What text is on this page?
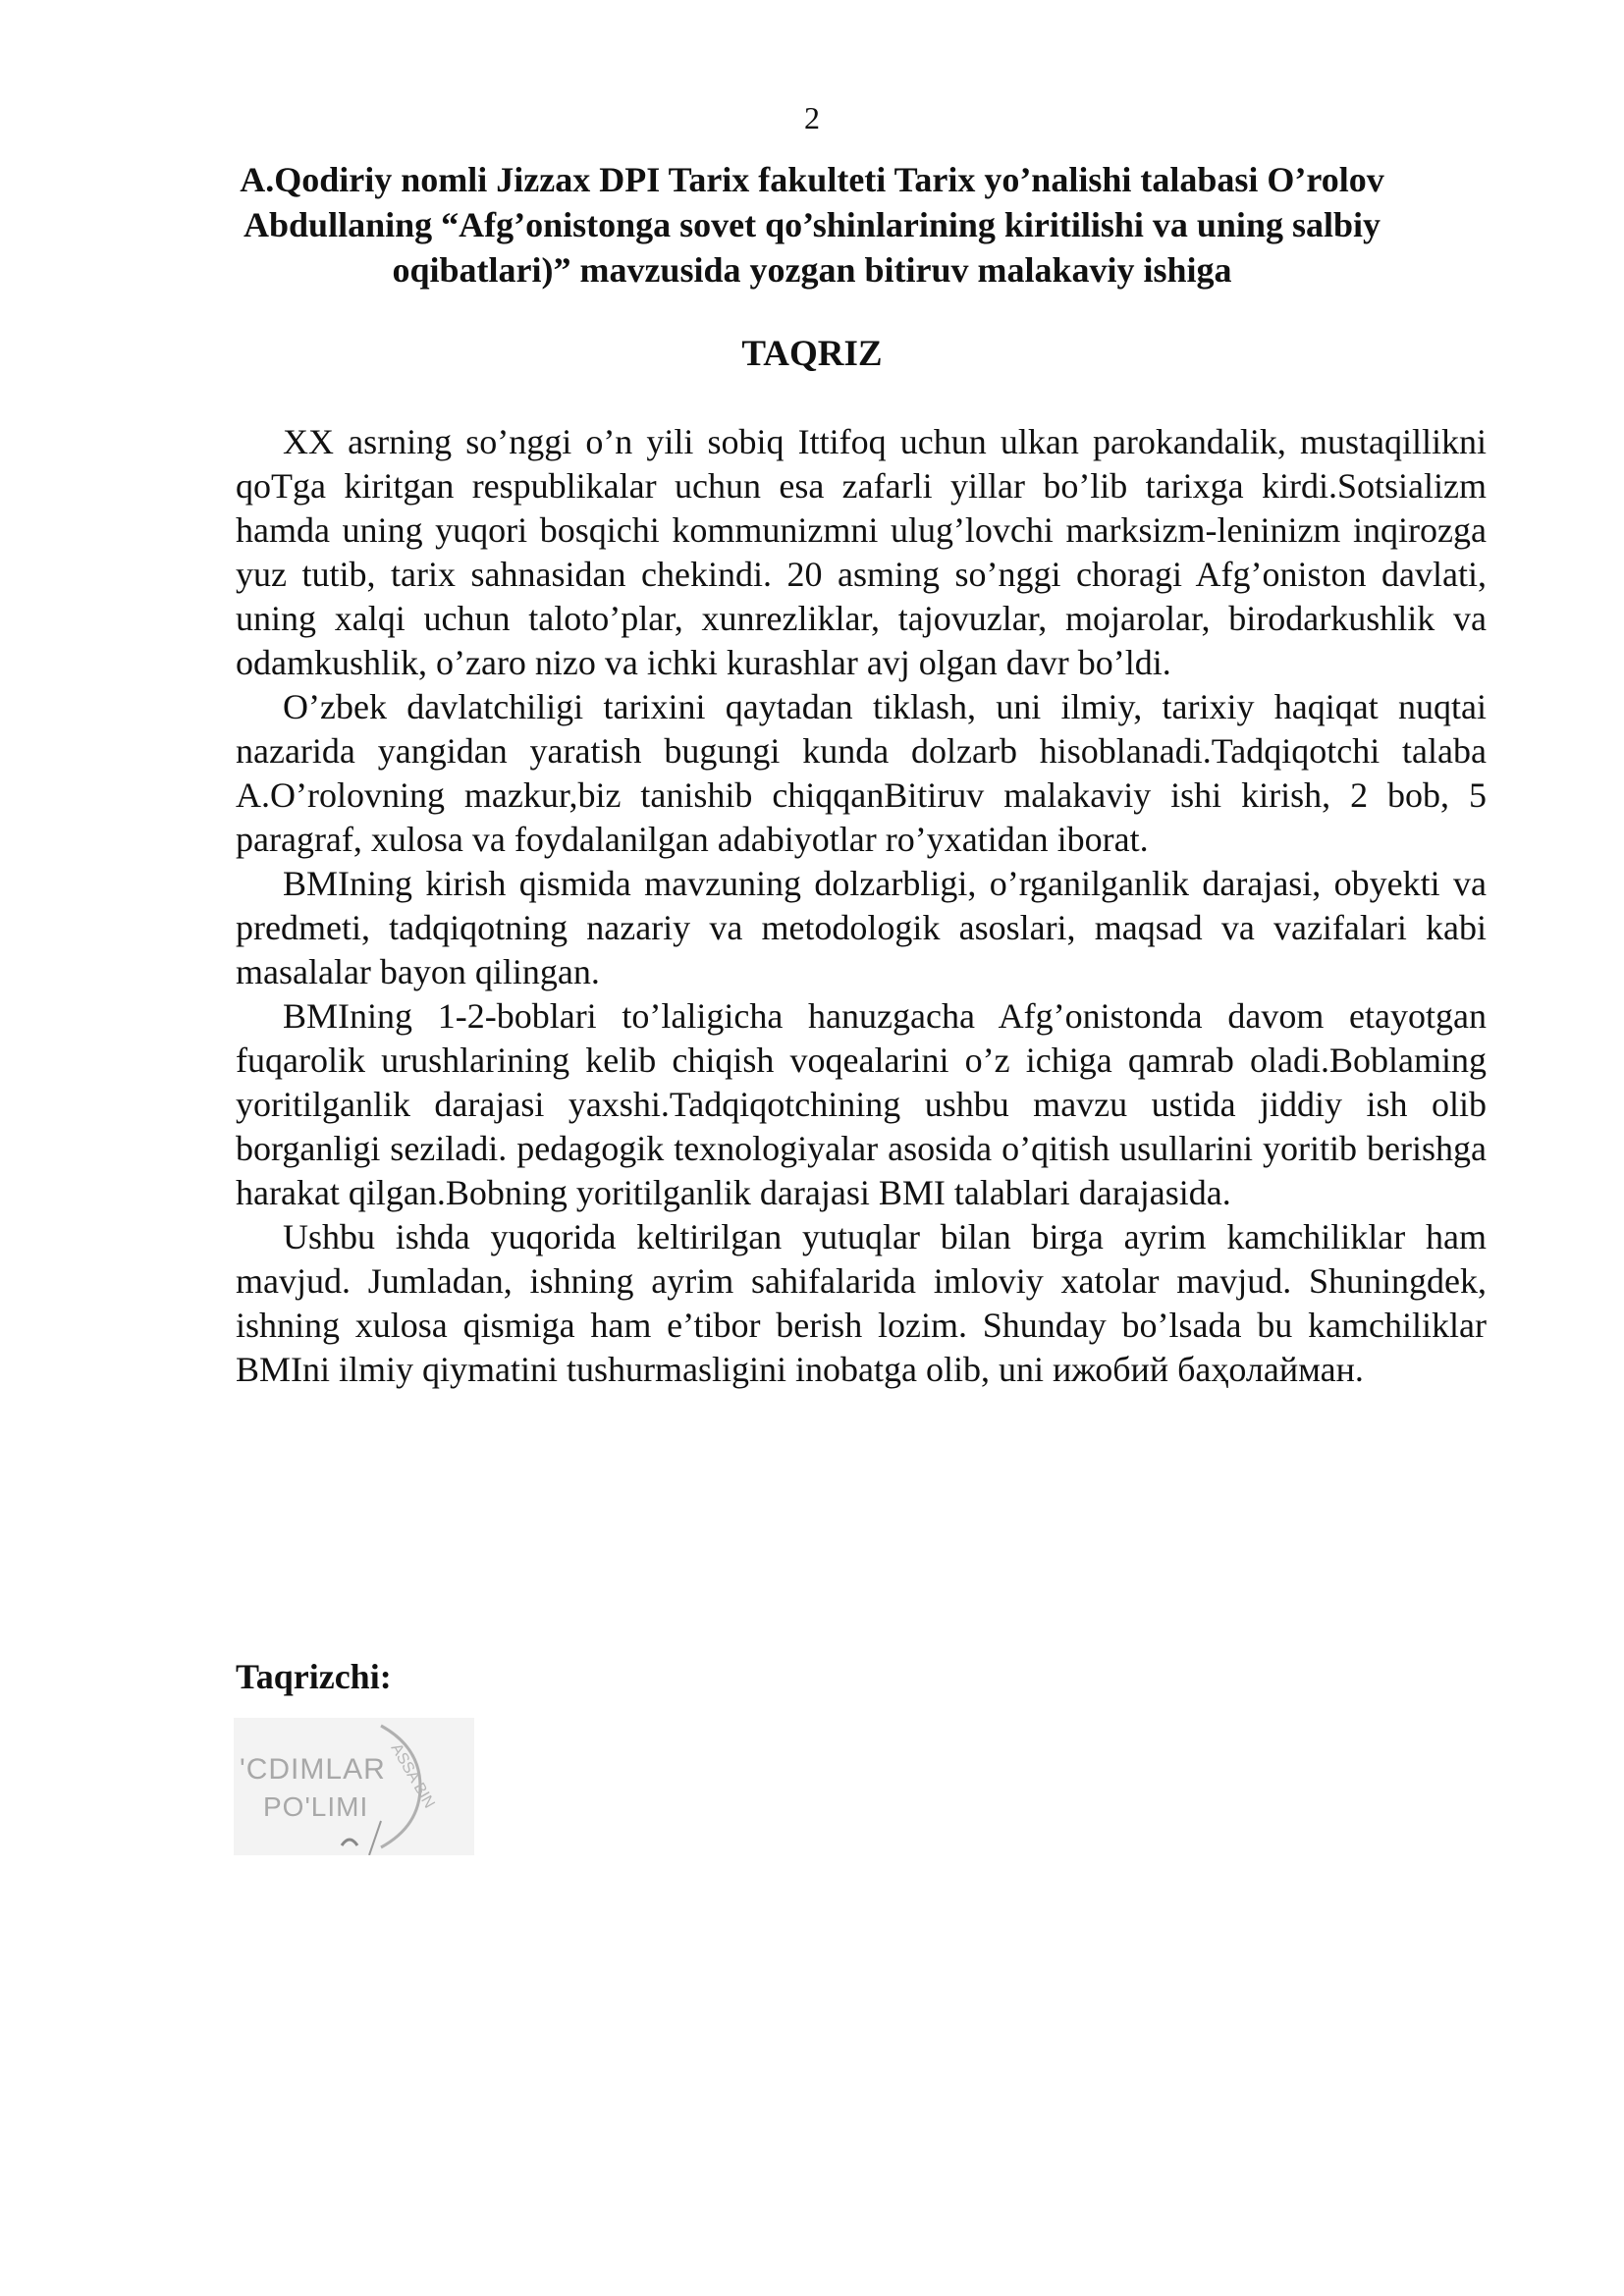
2
A.Qodiriy nomli Jizzax DPI Tarix fakulteti Tarix yo’nalishi talabasi O’rolov
Abdullaning “Afg’onistonga sovet qo’shinlarining kiritilishi va uning salbiy
oqibatlari)” mavzusida yozgan bitiruv malakaviy ishiga
TAQRIZ

XX asrning so’nggi o’n yili sobiq Ittifoq uchun ulkan parokandalik, mustaqillikni qoTga kiritgan respublikalar uchun esa zafarli yillar bo’lib tarixga kirdi.Sotsializm hamda uning yuqori bosqichi kommunizmni ulug’lovchi marksizm-leninizm inqirozga yuz tutib, tarix sahnasidan chekindi. 20 asming so’nggi choragi Afg’oniston davlati, uning xalqi uchun taloto’plar, xunrezliklar, tajovuzlar, mojarolar, birodarkushlik va odamkushlik, o’zaro nizo va ichki kurashlar avj olgan davr bo’ldi.

O’zbek davlatchiligi tarixini qaytadan tiklash, uni ilmiy, tarixiy haqiqat nuqtai nazarida yangidan yaratish bugungi kunda dolzarb hisoblanadi.Tadqiqotchi talaba A.O’rolovning mazkur,biz tanishib chiqqanBitiruv malakaviy ishi kirish, 2 bob, 5 paragraf, xulosa va foydalanilgan adabiyotlar ro’yxatidan iborat.

BMIning kirish qismida mavzuning dolzarbligi, o’rganilganlik darajasi, obyekti va predmeti, tadqiqotning nazariy va metodologik asoslari, maqsad va vazifalari kabi masalalar bayon qilingan.

BMIning 1-2-boblari to’laligicha hanuzgacha Afg’onistonda davom etayotgan fuqarolik urushlarining kelib chiqish voqealarini o’z ichiga qamrab oladi.Boblaming yoritilganlik darajasi yaxshi.Tadqiqotchining ushbu mavzu ustida jiddiy ish olib borganligi seziladi. pedagogik texnologiyalar asosida o’qitish usullarini yoritib berishga harakat qilgan.Bobning yoritilganlik darajasi BMI talablari darajasida.

Ushbu ishda yuqorida keltirilgan yutuqlar bilan birga ayrim kamchiliklar ham mavjud. Jumladan, ishning ayrim sahifalarida imloviy xatolar mavjud. Shuningdek, ishning xulosa qismiga ham e’tibor berish lozim. Shunday bo’lsada bu kamchiliklar BMIni ilmiy qiymatini tushurmasligini inobatga olib, uni ижобий баҳолайман.

Taqrizchi:
'CDIMLAR
PO'LIMI ASSA BIN
